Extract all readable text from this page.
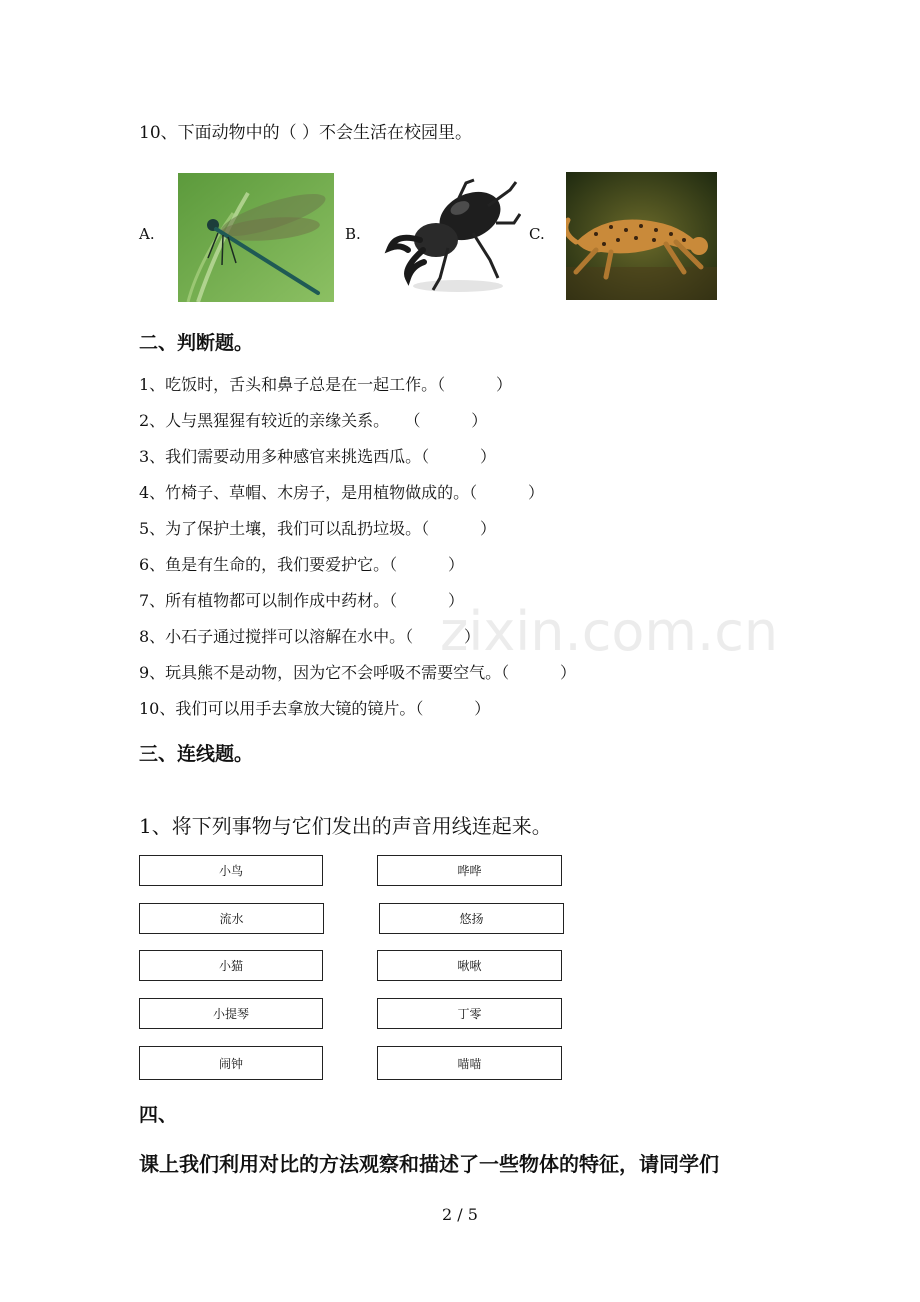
zixin.com.cn
10、下面动物中的（ ）不会生活在校园里。
A.	B.	C.
二、判断题。
1、吃饭时，舌头和鼻子总是在一起工作。（          ）
2、人与黑猩猩有较近的亲缘关系。   （          ）
3、我们需要动用多种感官来挑选西瓜。（          ）
4、竹椅子、草帽、木房子，是用植物做成的。（          ）
5、为了保护土壤，我们可以乱扔垃圾。（          ）
6、鱼是有生命的，我们要爱护它。（          ）
7、所有植物都可以制作成中药材。（          ）
8、小石子通过搅拌可以溶解在水中。（          ）
9、玩具熊不是动物，因为它不会呼吸不需要空气。（          ）
10、我们可以用手去拿放大镜的镜片。（          ）
三、连线题。
1、将下列事物与它们发出的声音用线连起来。
小鸟
流水
小猫
小提琴
闹钟
哗哗
悠扬
啾啾
丁零
喵喵
四、
课上我们利用对比的方法观察和描述了一些物体的特征，请同学们
2 / 5
